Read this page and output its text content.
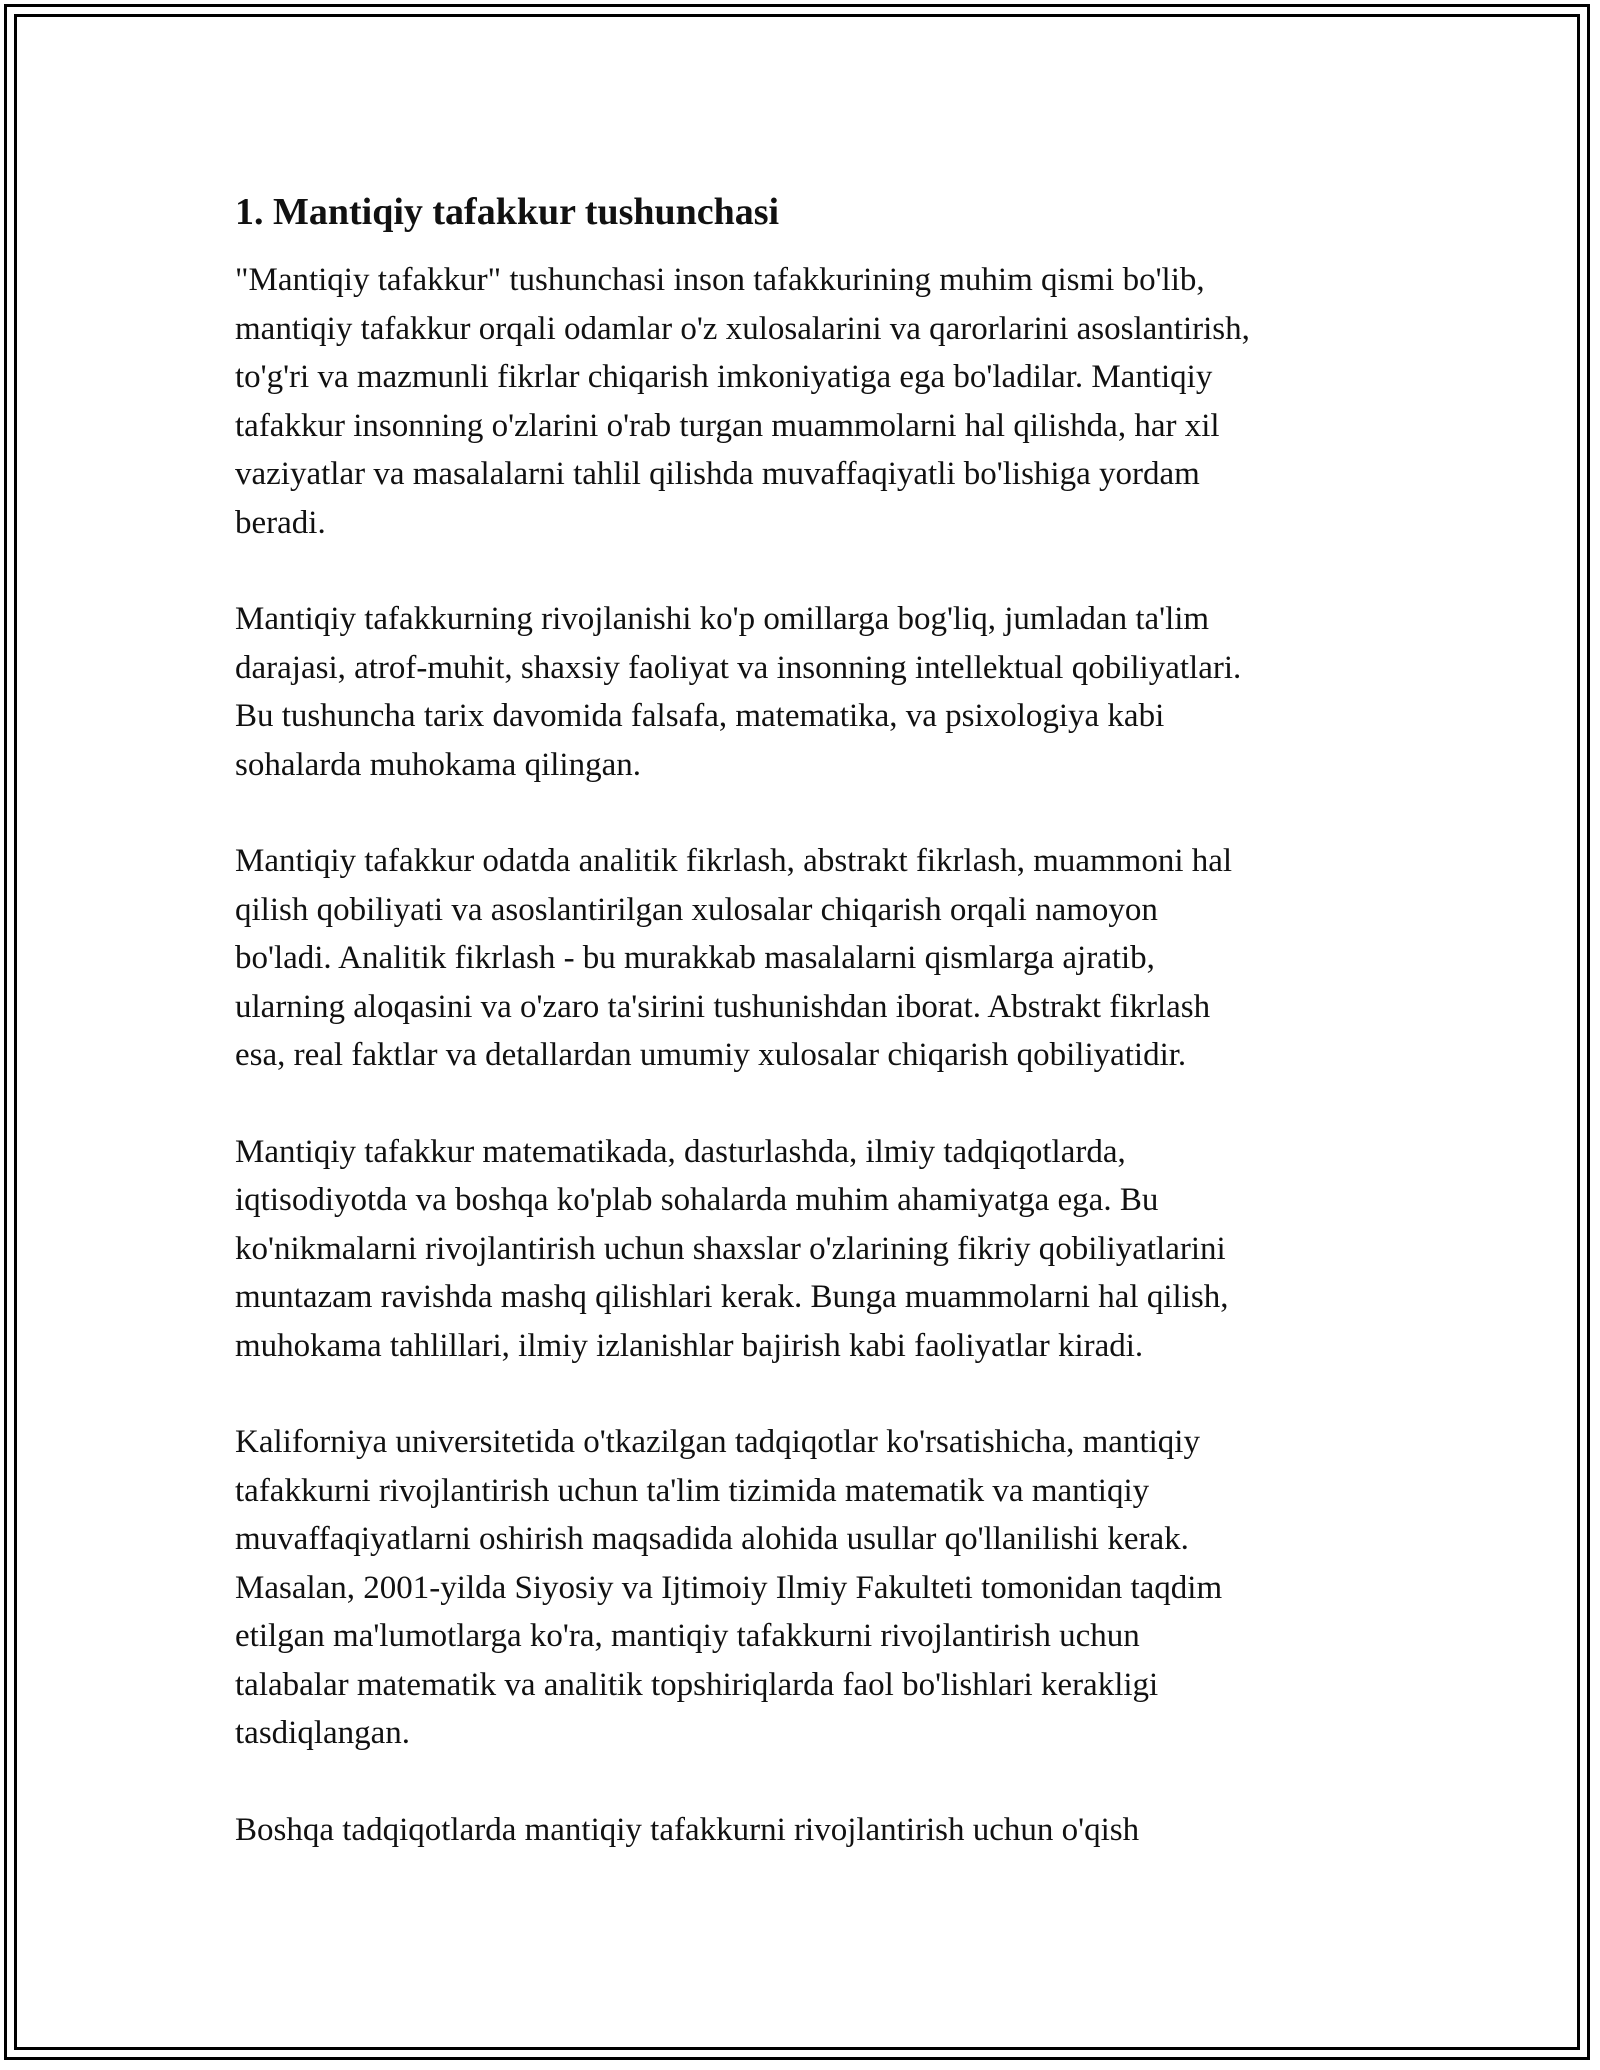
1. Mantiqiy tafakkur tushunchasi

"Mantiqiy tafakkur" tushunchasi inson tafakkurining muhim qismi bo'lib,
mantiqiy tafakkur orqali odamlar o'z xulosalarini va qarorlarini asoslantirish,
to'g'ri va mazmunli fikrlar chiqarish imkoniyatiga ega bo'ladilar. Mantiqiy
tafakkur insonning o'zlarini o'rab turgan muammolarni hal qilishda, har xil
vaziyatlar va masalalarni tahlil qilishda muvaffaqiyatli bo'lishiga yordam
beradi.

Mantiqiy tafakkurning rivojlanishi ko'p omillarga bog'liq, jumladan ta'lim
darajasi, atrof-muhit, shaxsiy faoliyat va insonning intellektual qobiliyatlari.
Bu tushuncha tarix davomida falsafa, matematika, va psixologiya kabi
sohalarda muhokama qilingan.

Mantiqiy tafakkur odatda analitik fikrlash, abstrakt fikrlash, muammoni hal
qilish qobiliyati va asoslantirilgan xulosalar chiqarish orqali namoyon
bo'ladi. Analitik fikrlash - bu murakkab masalalarni qismlarga ajratib,
ularning aloqasini va o'zaro ta'sirini tushunishdan iborat. Abstrakt fikrlash
esa, real faktlar va detallardan umumiy xulosalar chiqarish qobiliyatidir.

Mantiqiy tafakkur matematikada, dasturlashda, ilmiy tadqiqotlarda,
iqtisodiyotda va boshqa ko'plab sohalarda muhim ahamiyatga ega. Bu
ko'nikmalarni rivojlantirish uchun shaxslar o'zlarining fikriy qobiliyatlarini
muntazam ravishda mashq qilishlari kerak. Bunga muammolarni hal qilish,
muhokama tahlillari, ilmiy izlanishlar bajirish kabi faoliyatlar kiradi.

Kaliforniya universitetida o'tkazilgan tadqiqotlar ko'rsatishicha, mantiqiy
tafakkurni rivojlantirish uchun ta'lim tizimida matematik va mantiqiy
muvaffaqiyatlarni oshirish maqsadida alohida usullar qo'llanilishi kerak.
Masalan, 2001-yilda Siyosiy va Ijtimoiy Ilmiy Fakulteti tomonidan taqdim
etilgan ma'lumotlarga ko'ra, mantiqiy tafakkurni rivojlantirish uchun
talabalar matematik va analitik topshiriqlarda faol bo'lishlari kerakligi
tasdiqlangan.

Boshqa tadqiqotlarda mantiqiy tafakkurni rivojlantirish uchun o'qish
